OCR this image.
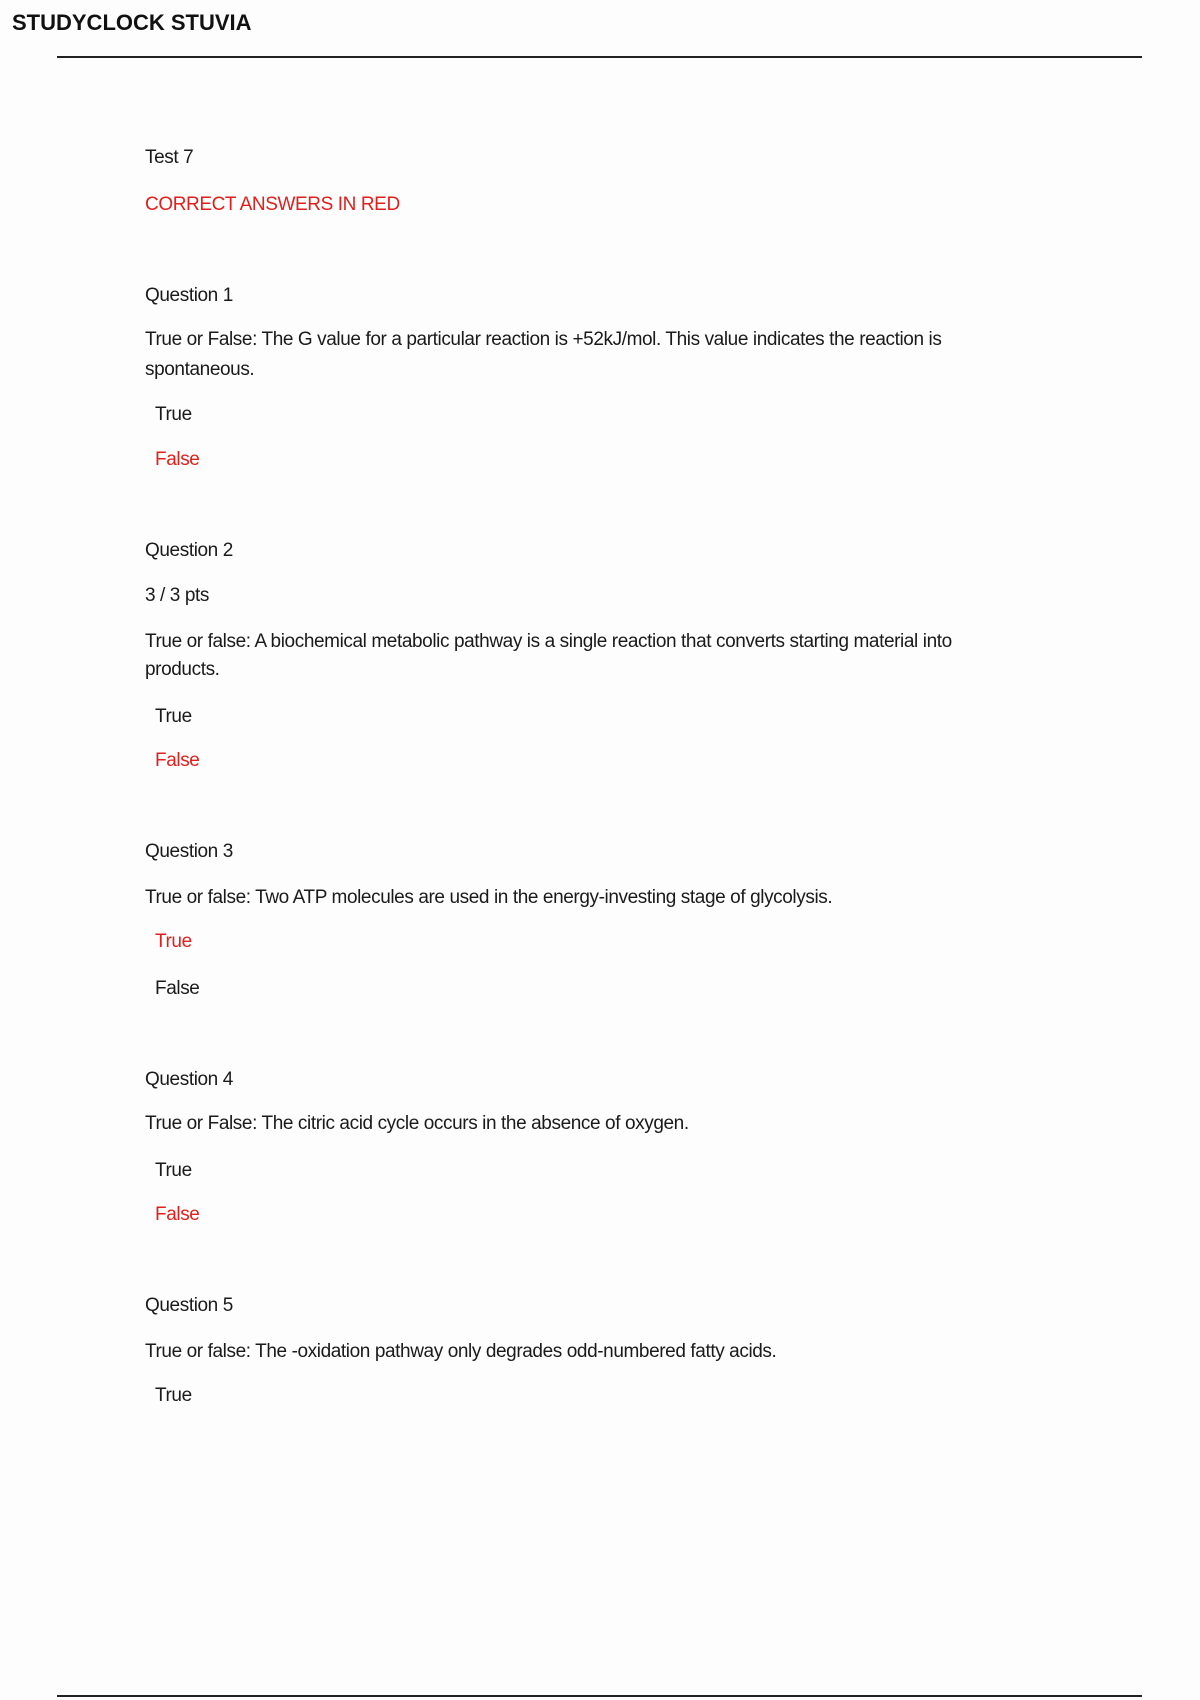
STUDYCLOCK STUVIA
Test 7
CORRECT ANSWERS IN RED
Question 1
True or False: The G value for a particular reaction is +52kJ/mol. This value indicates the reaction is
spontaneous.
True
False
Question 2
3 / 3 pts
True or false: A biochemical metabolic pathway is a single reaction that converts starting material into
products.
True
False
Question 3
True or false: Two ATP molecules are used in the energy-investing stage of glycolysis.
True
False
Question 4
True or False: The citric acid cycle occurs in the absence of oxygen.
True
False
Question 5
True or false: The -oxidation pathway only degrades odd-numbered fatty acids.
True
